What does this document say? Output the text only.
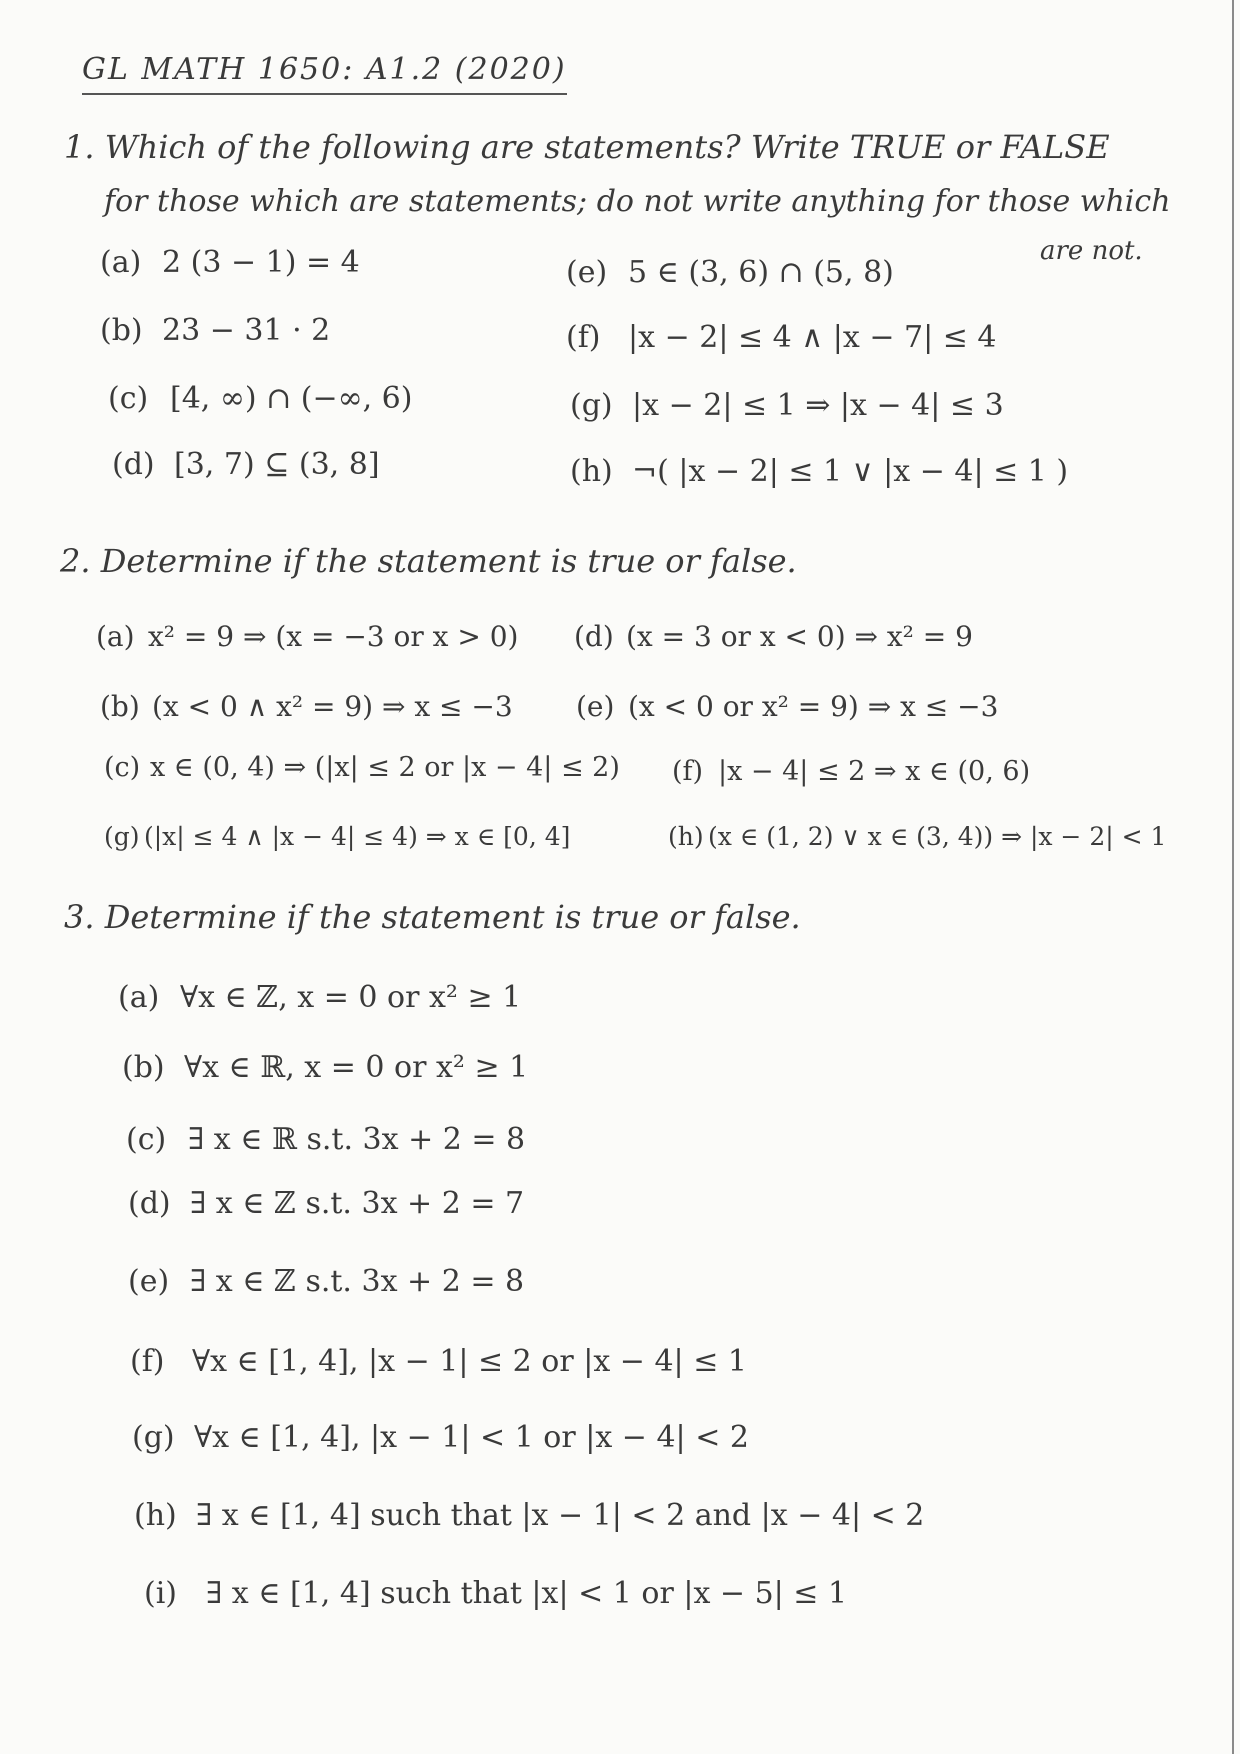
GL MATH 1650: A1.2 (2020)
1. Which of the following are statements? Write TRUE or FALSE
for those which are statements; do not write anything for those which
are not.
(a) 2 (3 − 1) = 4
(b) 23 − 31 · 2
(c) [4, ∞) ∩ (−∞, 6)
(d) [3, 7) ⊆ (3, 8]
(e) 5 ∈ (3, 6) ∩ (5, 8)
(f) |x − 2| ≤ 4 ∧ |x − 7| ≤ 4
(g) |x − 2| ≤ 1 ⇒ |x − 4| ≤ 3
(h) ¬( |x − 2| ≤ 1 ∨ |x − 4| ≤ 1 )
2. Determine if the statement is true or false.
(a) x² = 9 ⇒ (x = −3 or x > 0)
(b) (x < 0 ∧ x² = 9) ⇒ x ≤ −3
(c) x ∈ (0, 4) ⇒ (|x| ≤ 2 or |x − 4| ≤ 2)
(d) (x = 3 or x < 0) ⇒ x² = 9
(e) (x < 0 or x² = 9) ⇒ x ≤ −3
(f) |x − 4| ≤ 2 ⇒ x ∈ (0, 6)
(g) (|x| ≤ 4 ∧ |x − 4| ≤ 4) ⇒ x ∈ [0, 4]	(h) (x ∈ (1, 2) ∨ x ∈ (3, 4)) ⇒ |x − 2| < 1
3. Determine if the statement is true or false.
(a) ∀x ∈ ℤ, x = 0 or x² ≥ 1
(b) ∀x ∈ ℝ, x = 0 or x² ≥ 1
(c) ∃ x ∈ ℝ s.t. 3x + 2 = 8
(d) ∃ x ∈ ℤ s.t. 3x + 2 = 7
(e) ∃ x ∈ ℤ s.t. 3x + 2 = 8
(f) ∀x ∈ [1, 4], |x − 1| ≤ 2 or |x − 4| ≤ 1
(g) ∀x ∈ [1, 4], |x − 1| < 1 or |x − 4| < 2
(h) ∃ x ∈ [1, 4] such that |x − 1| < 2 and |x − 4| < 2
(i) ∃ x ∈ [1, 4] such that |x| < 1 or |x − 5| ≤ 1
